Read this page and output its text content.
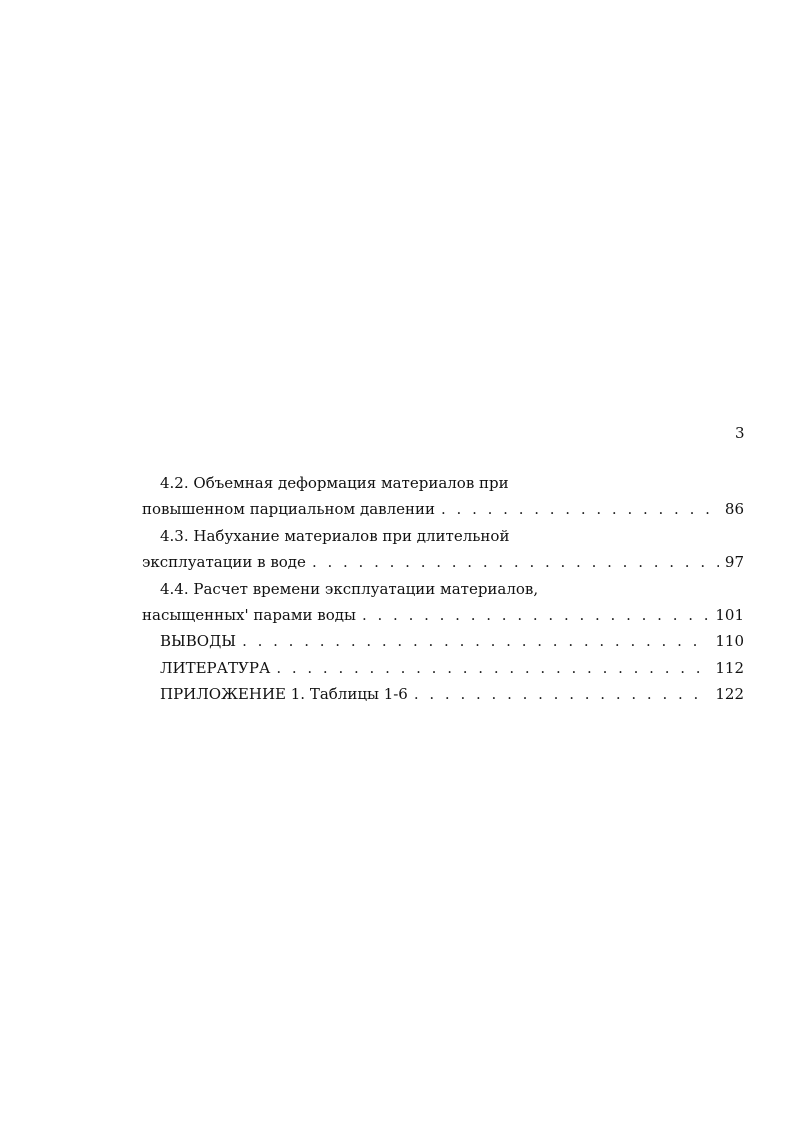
3
4.2. Объемная деформация материалов при
повышенном парциальном давлении . . .	86
4.3. Набухание материалов при длительной
эксплуатации в воде . . .	97
4.4. Расчет времени эксплуатации материалов,
насыщенных' парами воды . . .	101
ВЫВОДЫ . . .	110
ЛИТЕРАТУРА . . .	112
ПРИЛОЖЕНИЕ 1. Таблицы 1-6 . . .	122
